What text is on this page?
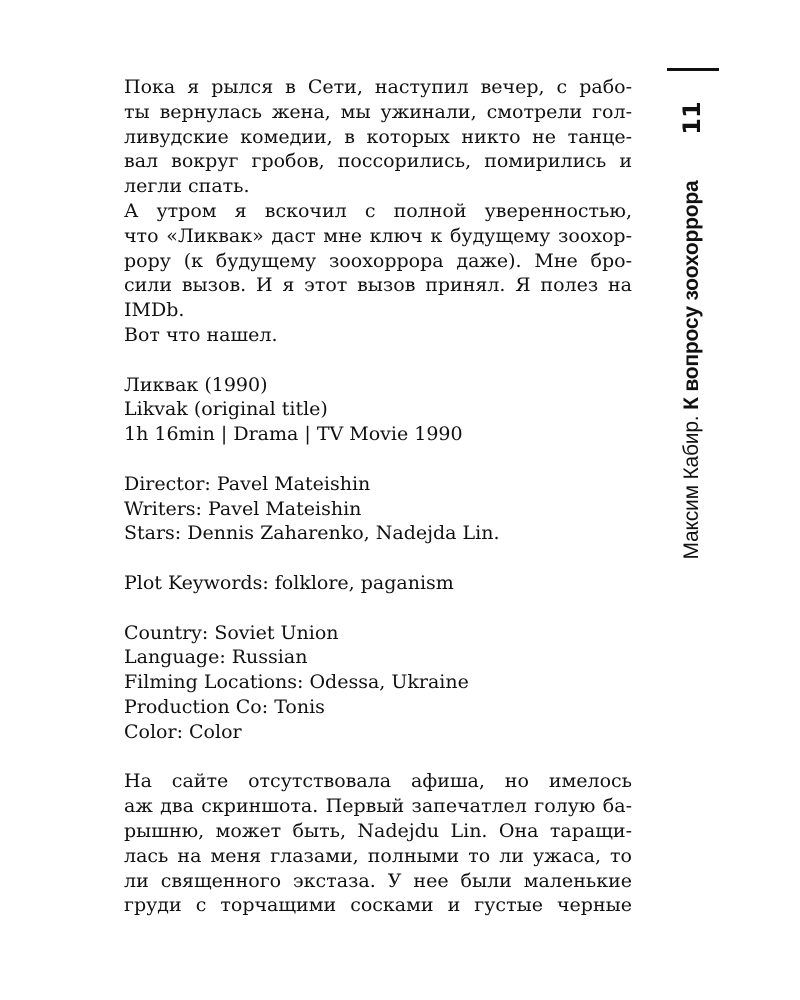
Пока я рылся в Сети, наступил вечер, с рабо-
ты вернулась жена, мы ужинали, смотрели гол-
ливудские комедии, в которых никто не танце-
вал вокруг гробов, поссорились, помирились и
легли спать.
А утром я вскочил с полной уверенностью,
что «Ликвак» даст мне ключ к будущему зоохор-
рору (к будущему зоохоррора даже). Мне бро-
сили вызов. И я этот вызов принял. Я полез на
IMDb.
Вот что нашел.
Ликвак (1990)
Likvak (original title)
1h 16min | Drama | TV Movie 1990
Director: Pavel Mateishin
Writers: Pavel Mateishin
Stars: Dennis Zaharenko, Nadejda Lin.
Plot Keywords: folklore, paganism
Country: Soviet Union
Language: Russian
Filming Locations: Odessa, Ukraine
Production Co: Tonis
Color: Color
На сайте отсутствовала афиша, но имелось
аж два скриншота. Первый запечатлел голую ба-
рышню, может быть, Nadejdu Lin. Она таращи-
лась на меня глазами, полными то ли ужаса, то
ли священного экстаза. У нее были маленькие
груди с торчащими сосками и густые черные
11
Максим Кабир. К вопросу зоохоррора
